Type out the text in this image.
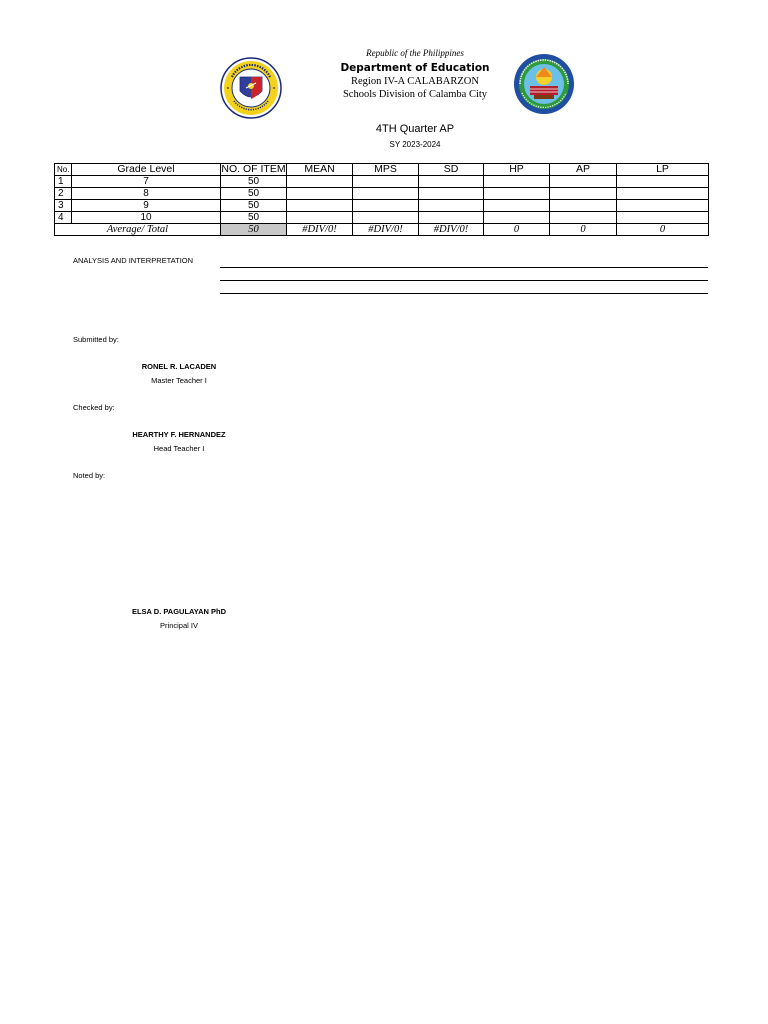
Republic of the Philippines
Department of Education
Region IV-A CALABARZON
Schools Division of Calamba City
4TH Quarter AP
SY 2023-2024
No.	Grade Level	NO. OF ITEM	MEAN	MPS	SD	HP	AP	LP
1	7	50						
2	8	50						
3	9	50						
4	10	50						
Average/ Total		50	#DIV/0!	#DIV/0!	#DIV/0!	0	0	0
ANALYSIS AND INTERPRETATION
Submitted by:
RONEL R. LACADEN
Master Teacher I
Checked by:
HEARTHY F. HERNANDEZ
Head Teacher I
Noted by:
ELSA D. PAGULAYAN PhD
Principal IV
